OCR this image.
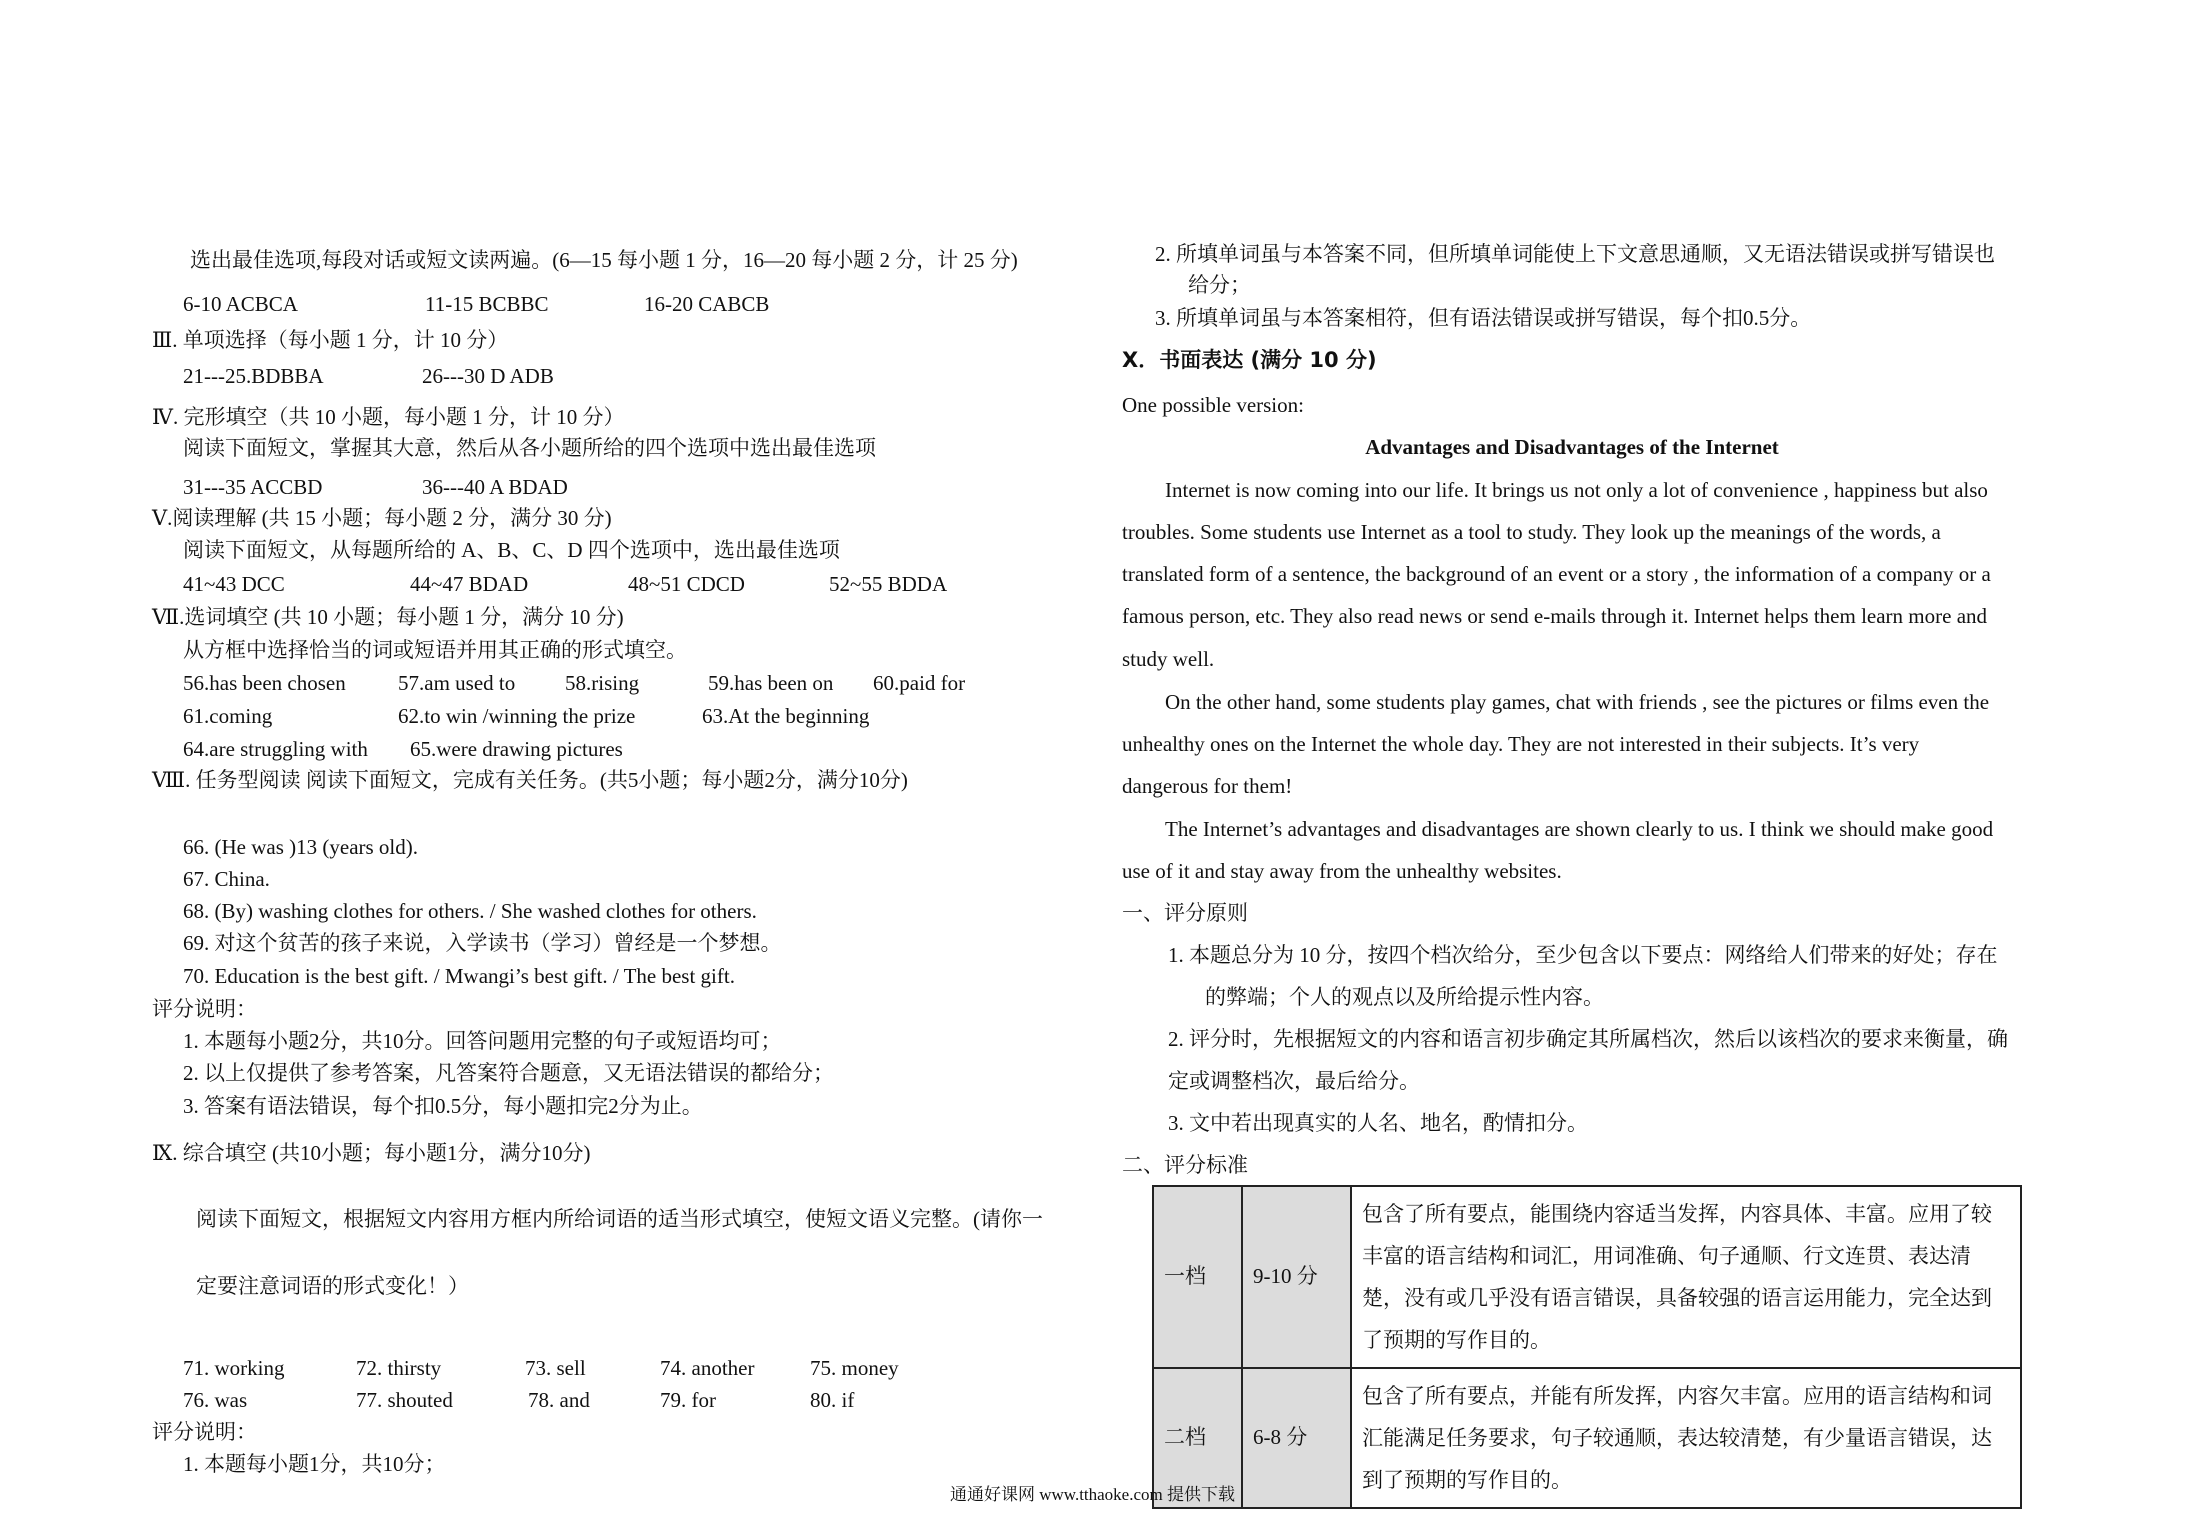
选出最佳选项,每段对话或短文读两遍。(6—15 每小题 1 分，16—20 每小题 2 分，计 25 分)
6-10 ACBCA	11-15 BCBBC	16-20 CABCB
Ⅲ. 单项选择（每小题 1 分，计 10 分）
21---25.BDBBA	26---30 D ADB
Ⅳ. 完形填空（共 10 小题，每小题 1 分，计 10 分）
阅读下面短文，掌握其大意，然后从各小题所给的四个选项中选出最佳选项
31---35 ACCBD	36---40 A BDAD
Ⅴ.阅读理解 (共 15 小题；每小题 2 分，满分 30 分)
阅读下面短文，从每题所给的 A、B、C、D 四个选项中，选出最佳选项
41~43 DCC	44~47 BDAD	48~51 CDCD	52~55 BDDA
Ⅶ.选词填空 (共 10 小题；每小题 1 分，满分 10 分)
从方框中选择恰当的词或短语并用其正确的形式填空。
56.has been chosen 57.am used to 58.rising	59.has been on 60.paid for
61.coming	62.to win /winning the prize	63.At the beginning
64.are struggling with 65.were drawing pictures
Ⅷ. 任务型阅读 阅读下面短文，完成有关任务。(共5小题；每小题2分，满分10分)
66. (He was )13 (years old).
67. China.
68. (By) washing clothes for others. / She washed clothes for others.
69. 对这个贫苦的孩子来说，入学读书（学习）曾经是一个梦想。
70. Education is the best gift. / Mwangi’s best gift. / The best gift.
评分说明：
1. 本题每小题2分，共10分。回答问题用完整的句子或短语均可；
2. 以上仅提供了参考答案，凡答案符合题意，又无语法错误的都给分；
3. 答案有语法错误，每个扣0.5分，每小题扣完2分为止。
Ⅸ. 综合填空 (共10小题；每小题1分，满分10分)
阅读下面短文，根据短文内容用方框内所给词语的适当形式填空，使短文语义完整。(请你一
定要注意词语的形式变化！）
71. working	72. thirsty	73. sell	74. another	75. money
76. was	77. shouted	78. and	79. for	80. if
评分说明：
1. 本题每小题1分，共10分；
2. 所填单词虽与本答案不同，但所填单词能使上下文意思通顺，又无语法错误或拼写错误也
给分；
3. 所填单词虽与本答案相符，但有语法错误或拼写错误，每个扣0.5分。
Ⅹ．书面表达 (满分 10 分)
One possible version:
Advantages and Disadvantages of the Internet
Internet is now coming into our life. It brings us not only a lot of convenience , happiness but also
troubles. Some students use Internet as a tool to study. They look up the meanings of the words, a
translated form of a sentence, the background of an event or a story , the information of a company or a
famous person, etc. They also read news or send e-mails through it. Internet helps them learn more and
study well.
On the other hand, some students play games, chat with friends , see the pictures or films even the
unhealthy ones on the Internet the whole day. They are not interested in their subjects. It’s very
dangerous for them!
The Internet’s advantages and disadvantages are shown clearly to us. I think we should make good
use of it and stay away from the unhealthy websites.
一、评分原则
1. 本题总分为 10 分，按四个档次给分，至少包含以下要点：网络给人们带来的好处；存在
的弊端；个人的观点以及所给提示性内容。
2. 评分时，先根据短文的内容和语言初步确定其所属档次，然后以该档次的要求来衡量，确
定或调整档次，最后给分。
3. 文中若出现真实的人名、地名，酌情扣分。
二、评分标准
一档	9-10 分	包含了所有要点，能围绕内容适当发挥，内容具体、丰富。应用了较丰富的语言结构和词汇，用词准确、句子通顺、行文连贯、表达清楚，没有或几乎没有语言错误，具备较强的语言运用能力，完全达到了预期的写作目的。
二档	6-8 分	包含了所有要点，并能有所发挥，内容欠丰富。应用的语言结构和词汇能满足任务要求，句子较通顺，表达较清楚，有少量语言错误，达到了预期的写作目的。
通通好课网 www.tthaoke.com 提供下载
